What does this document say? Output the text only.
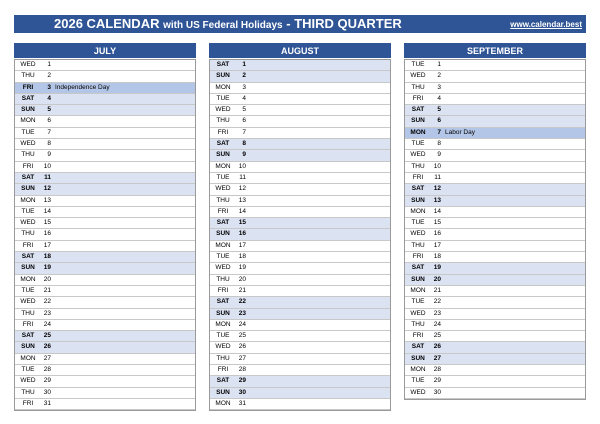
2026 CALENDAR with US Federal Holidays - THIRD QUARTER	www.calendar.best
JULY
WED	1
THU	2
FRI	3 Independence Day
SAT	4
SUN	5
MON	6
TUE	7
WED	8
THU	9
FRI	10
SAT	11
SUN	12
MON	13
TUE	14
WED	15
THU	16
FRI	17
SAT	18
SUN	19
MON	20
TUE	21
WED	22
THU	23
FRI	24
SAT	25
SUN	26
MON	27
TUE	28
WED	29
THU	30
FRI	31
AUGUST
SAT	1
SUN	2
MON	3
TUE	4
WED	5
THU	6
FRI	7
SAT	8
SUN	9
MON	10
TUE	11
WED	12
THU	13
FRI	14
SAT	15
SUN	16
MON	17
TUE	18
WED	19
THU	20
FRI	21
SAT	22
SUN	23
MON	24
TUE	25
WED	26
THU	27
FRI	28
SAT	29
SUN	30
MON	31
SEPTEMBER
TUE	1
WED	2
THU	3
FRI	4
SAT	5
SUN	6
MON	7 Labor Day
TUE	8
WED	9
THU	10
FRI	11
SAT	12
SUN	13
MON	14
TUE	15
WED	16
THU	17
FRI	18
SAT	19
SUN	20
MON	21
TUE	22
WED	23
THU	24
FRI	25
SAT	26
SUN	27
MON	28
TUE	29
WED	30
